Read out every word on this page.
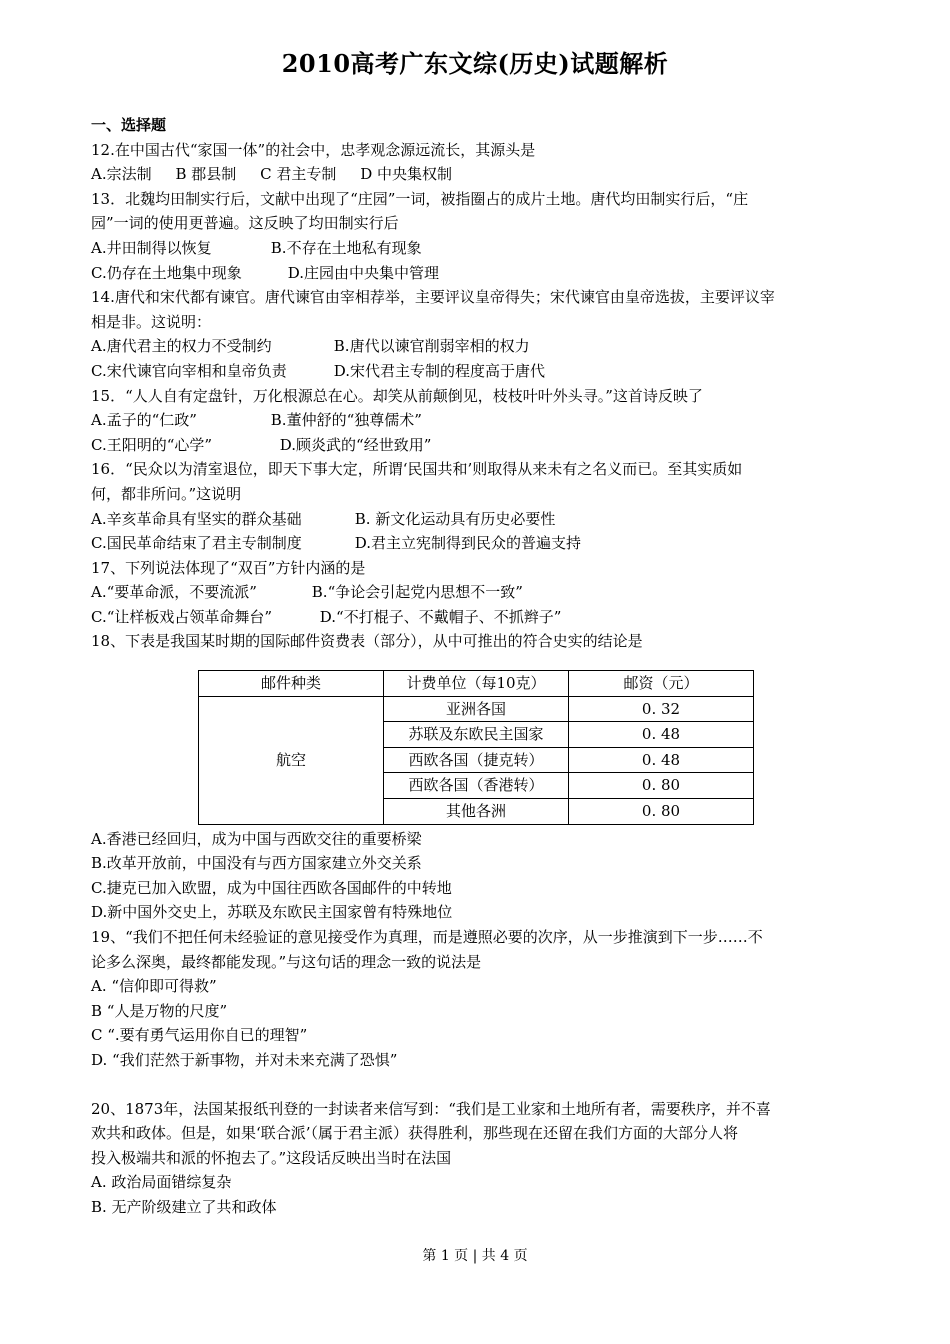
2010高考广东文综(历史)试题解析

一、选择题

12.在中国古代“家国一体”的社会中，忠孝观念源远流长，其源头是

A.宗法制 B 郡县制 C 君主专制 D 中央集权制

13．北魏均田制实行后，文献中出现了“庄园”一词，被指圈占的成片土地。唐代均田制实行后，“庄

园”一词的使用更普遍。这反映了均田制实行后

A.井田制得以恢复	B.不存在土地私有现象

C.仍存在土地集中现象	D.庄园由中央集中管理

14.唐代和宋代都有谏官。唐代谏官由宰相荐举，主要评议皇帝得失；宋代谏官由皇帝选拔，主要评议宰

相是非。这说明：

A.唐代君主的权力不受制约	B.唐代以谏官削弱宰相的权力

C.宋代谏官向宰相和皇帝负责	D.宋代君主专制的程度高于唐代

15．“人人自有定盘针，万化根源总在心。却笑从前颠倒见，枝枝叶叶外头寻。”这首诗反映了

A.孟子的“仁政”	B.董仲舒的“独尊儒术”

C.王阳明的“心学”	D.顾炎武的“经世致用”

16．“民众以为清室退位，即天下事大定，所谓‘民国共和’则取得从来未有之名义而已。至其实质如

何，都非所问。”这说明

A.辛亥革命具有坚实的群众基础	B. 新文化运动具有历史必要性

C.国民革命结束了君主专制制度	D.君主立宪制得到民众的普遍支持

17、下列说法体现了“双百”方针内涵的是

A.“要革命派，不要流派”	B.“争论会引起党内思想不一致”

C.“让样板戏占领革命舞台”	D.“不打棍子、不戴帽子、不抓辫子”

18、下表是我国某时期的国际邮件资费表（部分），从中可推出的符合史实的结论是

邮件种类	计费单位（每10克）	邮资（元）
航空	亚洲各国	0. 32
	苏联及东欧民主国家	0. 48
	西欧各国（捷克转）	0. 48
	西欧各国（香港转）	0. 80
	其他各洲	0. 80

A.香港已经回归，成为中国与西欧交往的重要桥梁

B.改革开放前，中国没有与西方国家建立外交关系

C.捷克已加入欧盟，成为中国往西欧各国邮件的中转地

D.新中国外交史上，苏联及东欧民主国家曾有特殊地位

19、“我们不把任何未经验证的意见接受作为真理，而是遵照必要的次序，从一步推演到下一步……不

论多么深奥，最终都能发现。”与这句话的理念一致的说法是

A. “信仰即可得救”

B “人是万物的尺度”

C “.要有勇气运用你自已的理智”

D. “我们茫然于新事物，并对未来充满了恐惧”

20、1873年，法国某报纸刊登的一封读者来信写到：“我们是工业家和土地所有者，需要秩序，并不喜

欢共和政体。但是，如果‘联合派’（属于君主派）获得胜利，那些现在还留在我们方面的大部分人将

投入极端共和派的怀抱去了。”这段话反映出当时在法国

A. 政治局面错综复杂

B. 无产阶级建立了共和政体

第 1 页 | 共 4 页
